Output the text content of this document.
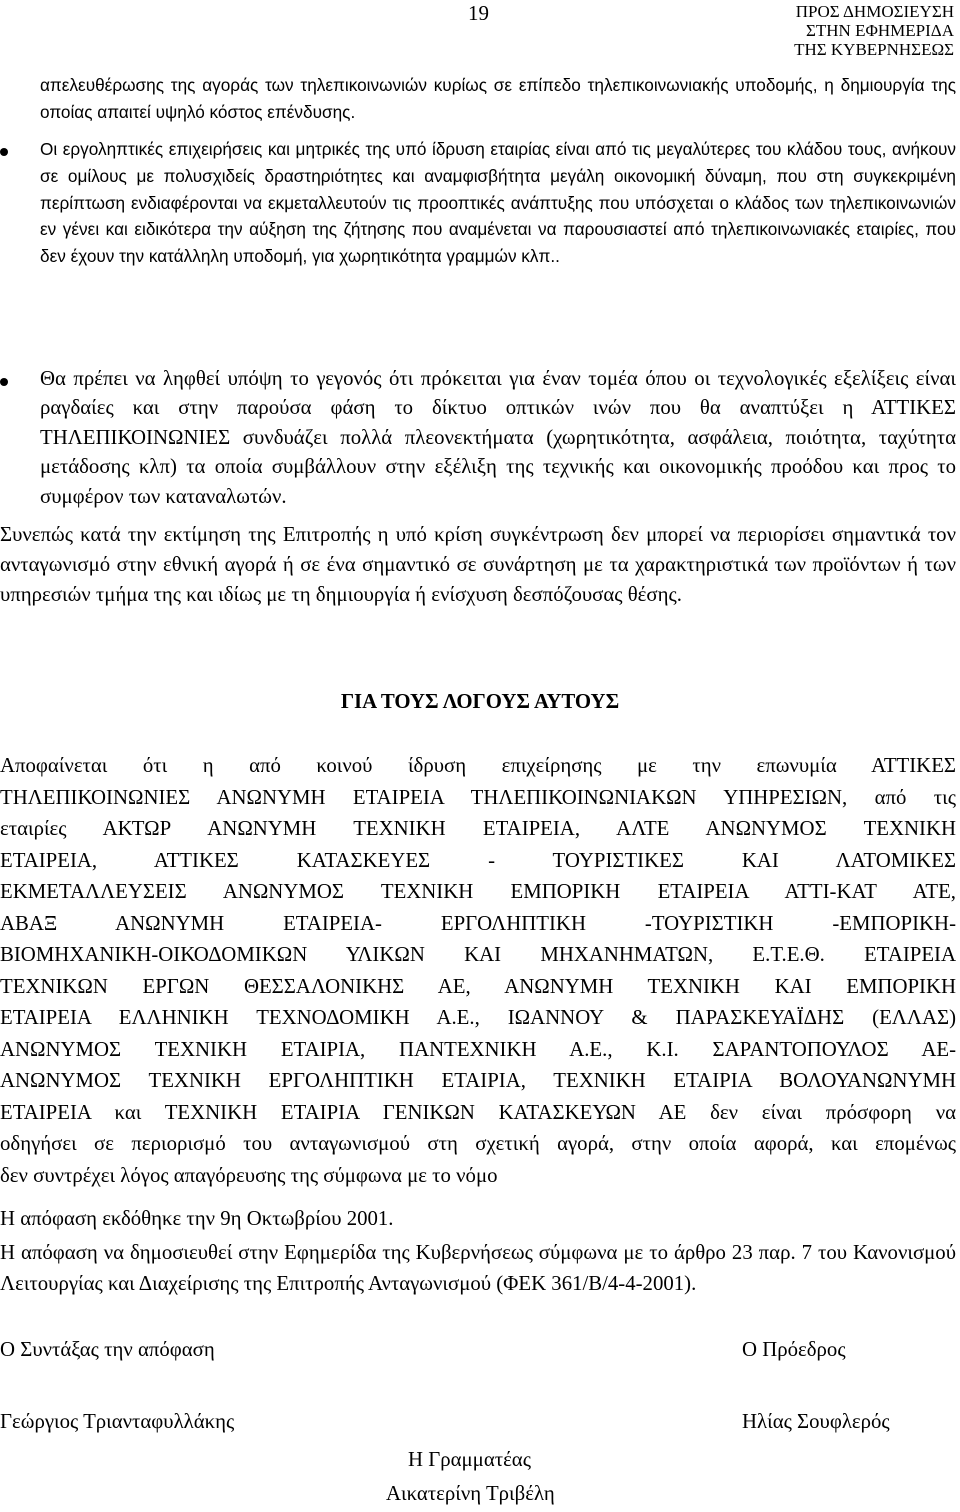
19	ΠΡΟΣ ΔΗΜΟΣΙΕΥΣΗ
ΣΤΗΝ ΕΦΗΜΕΡΙΔΑ
ΤΗΣ ΚΥΒΕΡΝΗΣΕΩΣ
απελευθέρωσης της αγοράς των τηλεπικοινωνιών κυρίως σε επίπεδο τηλεπικοινωνιακής υποδομής, η δημιουργία της οποίας απαιτεί υψηλό κόστος επένδυσης.
Οι εργοληπτικές επιχειρήσεις και μητρικές της υπό ίδρυση εταιρίας είναι από τις μεγαλύτερες του κλάδου τους, ανήκουν σε ομίλους με πολυσχιδείς δραστηριότητες και αναμφισβήτητα μεγάλη οικονομική δύναμη, που στη συγκεκριμένη περίπτωση ενδιαφέρονται να εκμεταλλευτούν τις προοπτικές ανάπτυξης που υπόσχεται ο κλάδος των τηλεπικοινωνιών εν γένει και ειδικότερα την αύξηση της ζήτησης που αναμένεται να παρουσιαστεί από τηλεπικοινωνιακές εταιρίες, που δεν έχουν την κατάλληλη υποδομή, για χωρητικότητα γραμμών κλπ..
Θα πρέπει να ληφθεί υπόψη το γεγονός ότι πρόκειται για έναν τομέα όπου οι τεχνολογικές εξελίξεις είναι ραγδαίες και στην παρούσα φάση το δίκτυο οπτικών ινών που θα αναπτύξει η ΑΤΤΙΚΕΣ ΤΗΛΕΠΙΚΟΙΝΩΝΙΕΣ συνδυάζει πολλά πλεονεκτήματα (χωρητικότητα, ασφάλεια, ποιότητα, ταχύτητα μετάδοσης κλπ) τα οποία συμβάλλουν στην εξέλιξη της τεχνικής και οικονομικής προόδου και προς το συμφέρον των καταναλωτών.
Συνεπώς κατά την εκτίμηση της Επιτροπής η υπό κρίση συγκέντρωση δεν μπορεί να περιορίσει σημαντικά τον ανταγωνισμό στην εθνική αγορά ή σε ένα σημαντικό σε συνάρτηση με τα χαρακτηριστικά των προϊόντων ή των υπηρεσιών τμήμα της και ιδίως με τη δημιουργία ή ενίσχυση δεσπόζουσας θέσης.
ΓΙΑ ΤΟΥΣ ΛΟΓΟΥΣ ΑΥΤΟΥΣ
Αποφαίνεται ότι η από κοινού ίδρυση επιχείρησης με την επωνυμία ΑΤΤΙΚΕΣ
ΤΗΛΕΠΙΚΟΙΝΩΝΙΕΣ ΑΝΩΝΥΜΗ ΕΤΑΙΡΕΙΑ ΤΗΛΕΠΙΚΟΙΝΩΝΙΑΚΩΝ ΥΠΗΡΕΣΙΩΝ, από τις
εταιρίες ΑΚΤΩΡ ΑΝΩΝΥΜΗ ΤΕΧΝΙΚΗ ΕΤΑΙΡΕΙΑ, ΑΛΤΕ ΑΝΩΝΥΜΟΣ ΤΕΧΝΙΚΗ
ΕΤΑΙΡΕΙΑ, ΑΤΤΙΚΕΣ ΚΑΤΑΣΚΕΥΕΣ - ΤΟΥΡΙΣΤΙΚΕΣ ΚΑΙ ΛΑΤΟΜΙΚΕΣ
ΕΚΜΕΤΑΛΛΕΥΣΕΙΣ ΑΝΩΝΥΜΟΣ ΤΕΧΝΙΚΗ ΕΜΠΟΡΙΚΗ ΕΤΑΙΡΕΙΑ ΑΤΤΙ-ΚΑΤ ΑΤΕ,
ΑΒΑΞ ΑΝΩΝΥΜΗ ΕΤΑΙΡΕΙΑ- ΕΡΓΟΛΗΠΤΙΚΗ -ΤΟΥΡΙΣΤΙΚΗ -ΕΜΠΟΡΙΚΗ-
ΒΙΟΜΗΧΑΝΙΚΗ-ΟΙΚΟΔΟΜΙΚΩΝ ΥΛΙΚΩΝ ΚΑΙ ΜΗΧΑΝΗΜΑΤΩΝ, Ε.Τ.Ε.Θ. ΕΤΑΙΡΕΙΑ
ΤΕΧΝΙΚΩΝ ΕΡΓΩΝ ΘΕΣΣΑΛΟΝΙΚΗΣ ΑΕ, ΑΝΩΝΥΜΗ ΤΕΧΝΙΚΗ ΚΑΙ ΕΜΠΟΡΙΚΗ
ΕΤΑΙΡΕΙΑ ΕΛΛΗΝΙΚΗ ΤΕΧΝΟΔΟΜΙΚΗ Α.Ε., ΙΩΑΝΝΟΥ & ΠΑΡΑΣΚΕΥΑΪΔΗΣ (ΕΛΛΑΣ)
ΑΝΩΝΥΜΟΣ ΤΕΧΝΙΚΗ ΕΤΑΙΡΙΑ, ΠΑΝΤΕΧΝΙΚΗ Α.Ε., Κ.Ι. ΣΑΡΑΝΤΟΠΟΥΛΟΣ ΑΕ-
ΑΝΩΝΥΜΟΣ ΤΕΧΝΙΚΗ ΕΡΓΟΛΗΠΤΙΚΗ ΕΤΑΙΡΙΑ, ΤΕΧΝΙΚΗ ΕΤΑΙΡΙΑ ΒΟΛΟΥΑΝΩΝΥΜΗ
ΕΤΑΙΡΕΙΑ και ΤΕΧΝΙΚΗ ΕΤΑΙΡΙΑ ΓΕΝΙΚΩΝ ΚΑΤΑΣΚΕΥΩΝ ΑΕ δεν είναι πρόσφορη να
οδηγήσει σε περιορισμό του ανταγωνισμού στη σχετική αγορά, στην οποία αφορά, και επομένως
δεν συντρέχει λόγος απαγόρευσης της σύμφωνα με το νόμο
Η απόφαση εκδόθηκε την 9η Οκτωβρίου 2001.
Η απόφαση να δημοσιευθεί στην Εφημερίδα της Κυβερνήσεως σύμφωνα με το άρθρο 23 παρ. 7 του Κανονισμού Λειτουργίας και Διαχείρισης της Επιτροπής Ανταγωνισμού (ΦΕΚ 361/Β/4-4-2001).
Ο Συντάξας την απόφαση	Ο Πρόεδρος
Γεώργιος Τριανταφυλλάκης	Ηλίας Σουφλερός
Η Γραμματέας
Αικατερίνη Τριβέλη
